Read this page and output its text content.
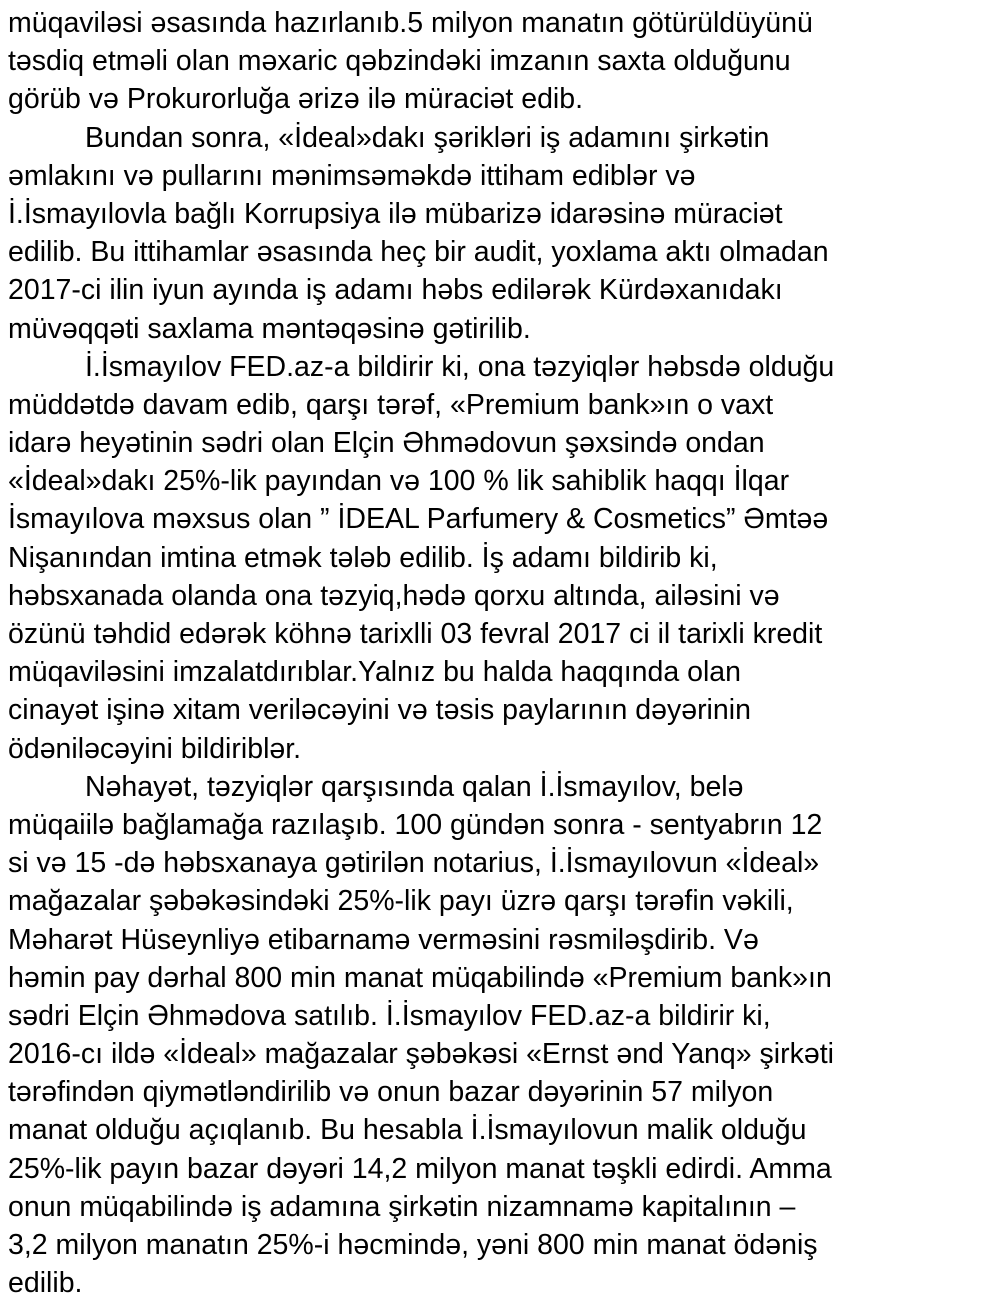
müqaviləsi əsasında hazırlanıb.5 milyon manatın götürüldüyünü
təsdiq etməli olan məxaric qəbzindəki imzanın saxta olduğunu
görüb və Prokurorluğa ərizə ilə müraciət edib.
Bundan sonra, «İdeal»dakı şərikləri iş adamını şirkətin
əmlakını və pullarını mənimsəməkdə ittiham ediblər və
İ.İsmayılovla bağlı Korrupsiya ilə mübarizə idarəsinə müraciət
edilib. Bu ittihamlar əsasında heç bir audit, yoxlama aktı olmadan
2017-ci ilin iyun ayında iş adamı həbs edilərək Kürdəxanıdakı
müvəqqəti saxlama məntəqəsinə gətirilib.
İ.İsmayılov FED.az-a bildirir ki, ona təzyiqlər həbsdə olduğu
müddətdə davam edib, qarşı tərəf, «Premium bank»ın o vaxt
idarə heyətinin sədri olan Elçin Əhmədovun şəxsində ondan
«İdeal»dakı 25%-lik payından və 100 % lik sahiblik haqqı İlqar
İsmayılova məxsus olan ” İDEAL Parfumery & Cosmetics” Əmtəə
Nişanından imtina etmək tələb edilib. İş adamı bildirib ki,
həbsxanada olanda ona təzyiq,hədə qorxu altında, ailəsini və
özünü təhdid edərək köhnə tarixlli 03 fevral 2017 ci il tarixli kredit
müqaviləsini imzalatdırıblar.Yalnız bu halda haqqında olan
cinayət işinə xitam veriləcəyini və təsis paylarının dəyərinin
ödəniləcəyini bildiriblər.
Nəhayət, təzyiqlər qarşısında qalan İ.İsmayılov, belə
müqaiilə bağlamağa razılaşıb. 100 gündən sonra - sentyabrın 12
si və 15 -də həbsxanaya gətirilən notarius, İ.İsmayılovun «İdeal»
mağazalar şəbəkəsindəki 25%-lik payı üzrə qarşı tərəfin vəkili,
Məharət Hüseynliyə etibarnamə verməsini rəsmiləşdirib. Və
həmin pay dərhal 800 min manat müqabilində «Premium bank»ın
sədri Elçin Əhmədova satılıb. İ.İsmayılov FED.az-a bildirir ki,
2016-cı ildə «İdeal» mağazalar şəbəkəsi «Ernst ənd Yanq» şirkəti
tərəfindən qiymətləndirilib və onun bazar dəyərinin 57 milyon
manat olduğu açıqlanıb. Bu hesabla İ.İsmayılovun malik olduğu
25%-lik payın bazar dəyəri 14,2 milyon manat təşkli edirdi. Amma
onun müqabilində iş adamına şirkətin nizamnamə kapitalının –
3,2 milyon manatın 25%-i həcmində, yəni 800 min manat ödəniş
edilib.
